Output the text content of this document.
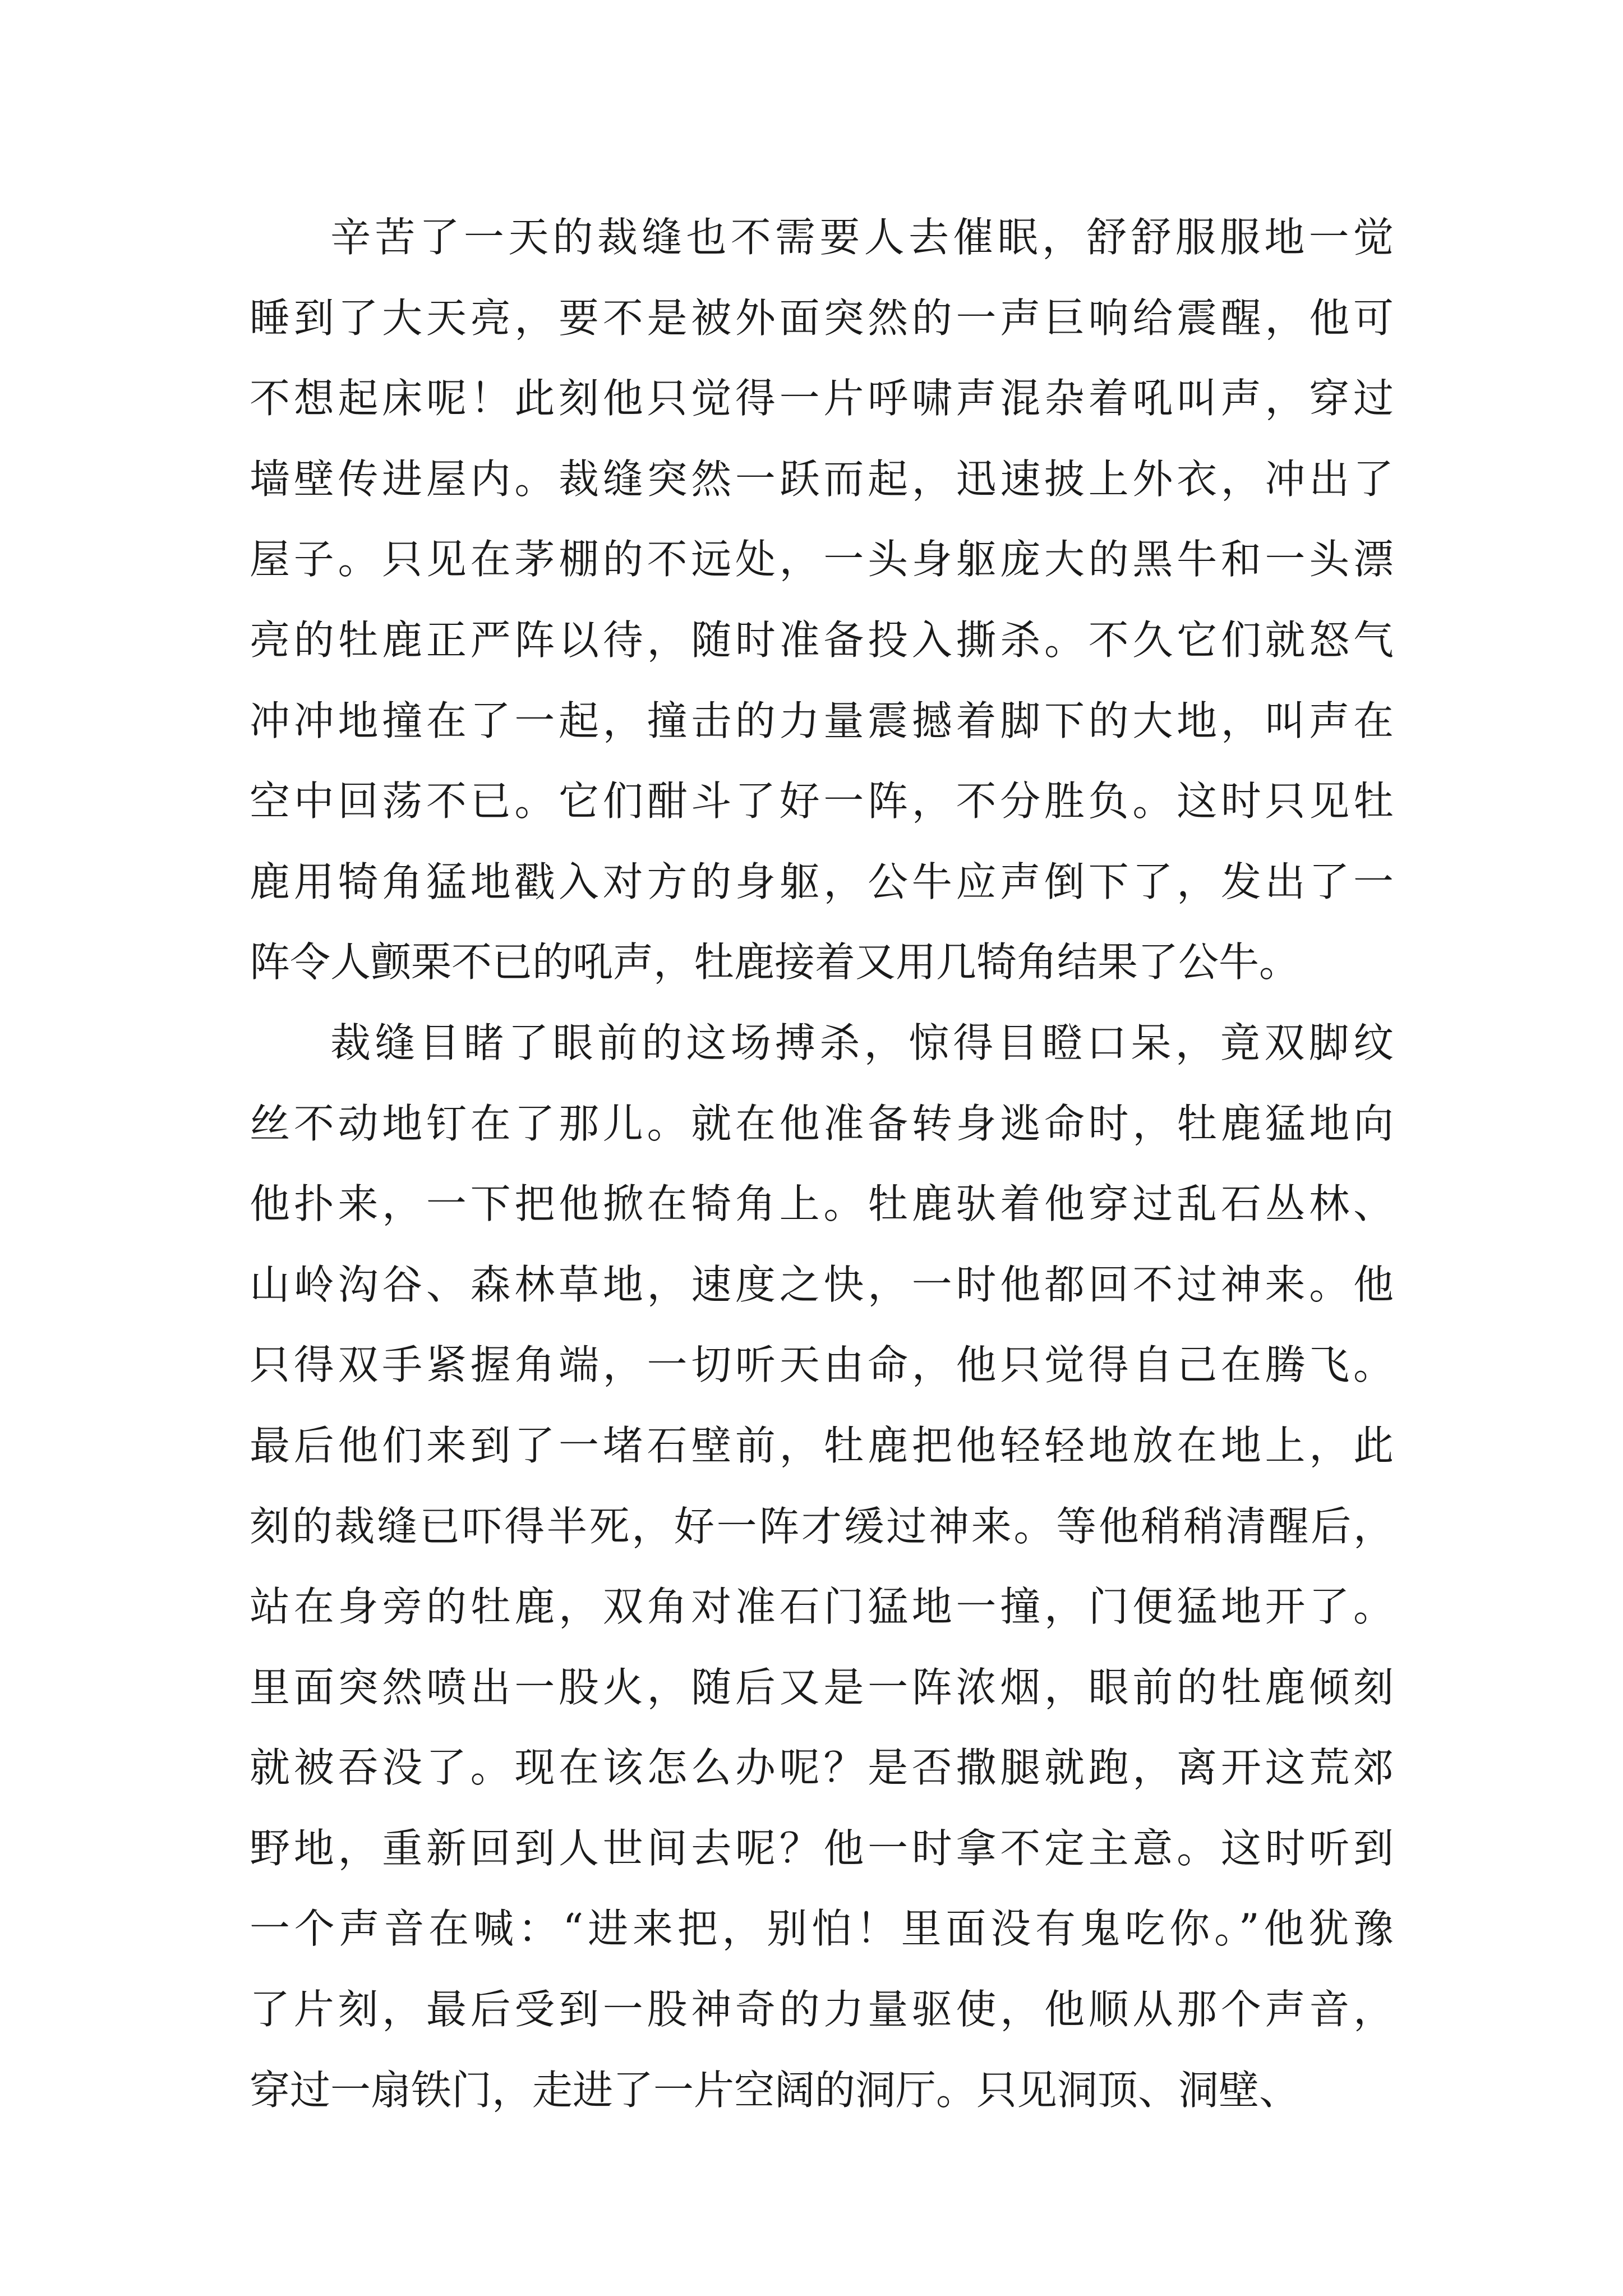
辛苦了一天的裁缝也不需要人去催眠，舒舒服服地一觉
睡到了大天亮，要不是被外面突然的一声巨响给震醒，他可
不想起床呢！此刻他只觉得一片呼啸声混杂着吼叫声，穿过
墙壁传进屋内。裁缝突然一跃而起，迅速披上外衣，冲出了
屋子。只见在茅棚的不远处，一头身躯庞大的黑牛和一头漂
亮的牡鹿正严阵以待，随时准备投入撕杀。不久它们就怒气
冲冲地撞在了一起，撞击的力量震撼着脚下的大地，叫声在
空中回荡不已。它们酣斗了好一阵，不分胜负。这时只见牡
鹿用犄角猛地戳入对方的身躯，公牛应声倒下了，发出了一
阵令人颤栗不已的吼声，牡鹿接着又用几犄角结果了公牛。
裁缝目睹了眼前的这场搏杀，惊得目瞪口呆，竟双脚纹
丝不动地钉在了那儿。就在他准备转身逃命时，牡鹿猛地向
他扑来，一下把他掀在犄角上。牡鹿驮着他穿过乱石丛林、
山岭沟谷、森林草地，速度之快，一时他都回不过神来。他
只得双手紧握角端，一切听天由命，他只觉得自己在腾飞。
最后他们来到了一堵石壁前，牡鹿把他轻轻地放在地上，此
刻的裁缝已吓得半死，好一阵才缓过神来。等他稍稍清醒后，
站在身旁的牡鹿，双角对准石门猛地一撞，门便猛地开了。
里面突然喷出一股火，随后又是一阵浓烟，眼前的牡鹿倾刻
就被吞没了。现在该怎么办呢？是否撒腿就跑，离开这荒郊
野地，重新回到人世间去呢？他一时拿不定主意。这时听到
一个声音在喊：“进来把，别怕！里面没有鬼吃你。”他犹豫
了片刻，最后受到一股神奇的力量驱使，他顺从那个声音，
穿过一扇铁门，走进了一片空阔的洞厅。只见洞顶、洞壁、
